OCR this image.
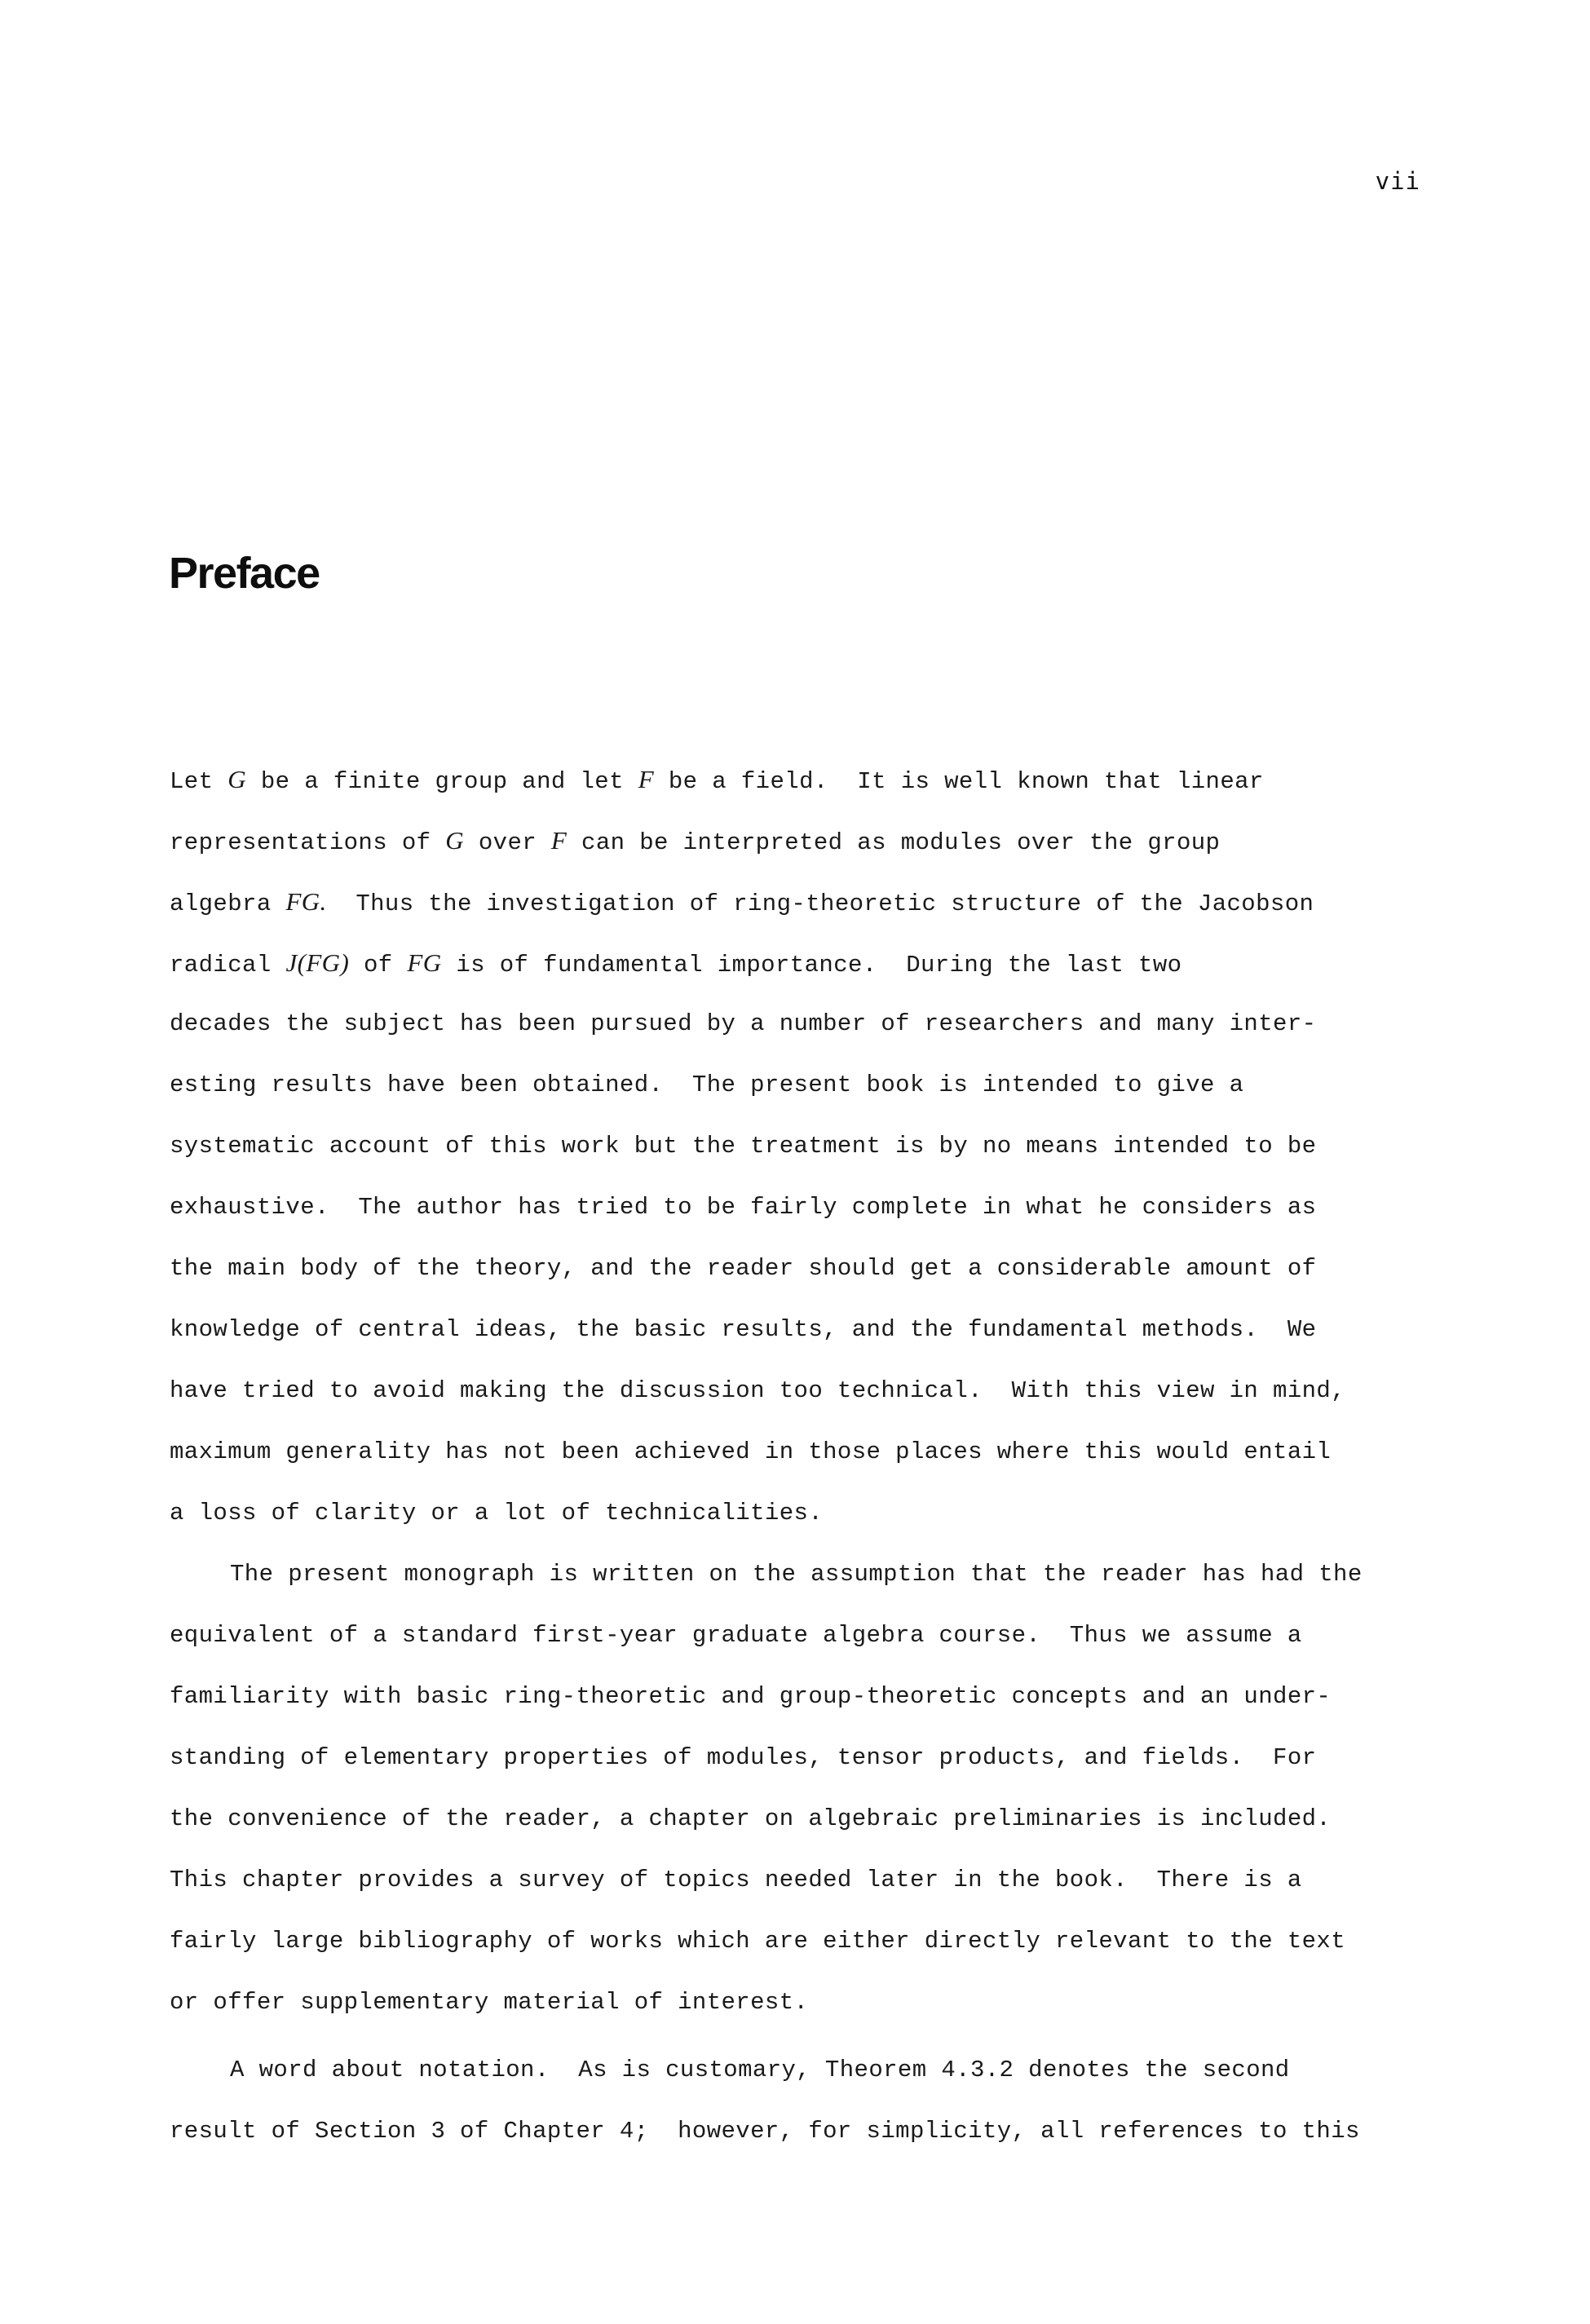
vii
Preface
Let G be a finite group and let F be a field.  It is well known that linear
representations of G over F can be interpreted as modules over the group
algebra FG.  Thus the investigation of ring-theoretic structure of the Jacobson
radical J(FG) of FG is of fundamental importance.  During the last two
decades the subject has been pursued by a number of researchers and many inter-
esting results have been obtained.  The present book is intended to give a
systematic account of this work but the treatment is by no means intended to be
exhaustive.  The author has tried to be fairly complete in what he considers as
the main body of the theory, and the reader should get a considerable amount of
knowledge of central ideas, the basic results, and the fundamental methods.  We
have tried to avoid making the discussion too technical.  With this view in mind,
maximum generality has not been achieved in those places where this would entail
a loss of clarity or a lot of technicalities.
The present monograph is written on the assumption that the reader has had the
equivalent of a standard first-year graduate algebra course.  Thus we assume a
familiarity with basic ring-theoretic and group-theoretic concepts and an under-
standing of elementary properties of modules, tensor products, and fields.  For
the convenience of the reader, a chapter on algebraic preliminaries is included.
This chapter provides a survey of topics needed later in the book.  There is a
fairly large bibliography of works which are either directly relevant to the text
or offer supplementary material of interest.
A word about notation.  As is customary, Theorem 4.3.2 denotes the second
result of Section 3 of Chapter 4;  however, for simplicity, all references to this
